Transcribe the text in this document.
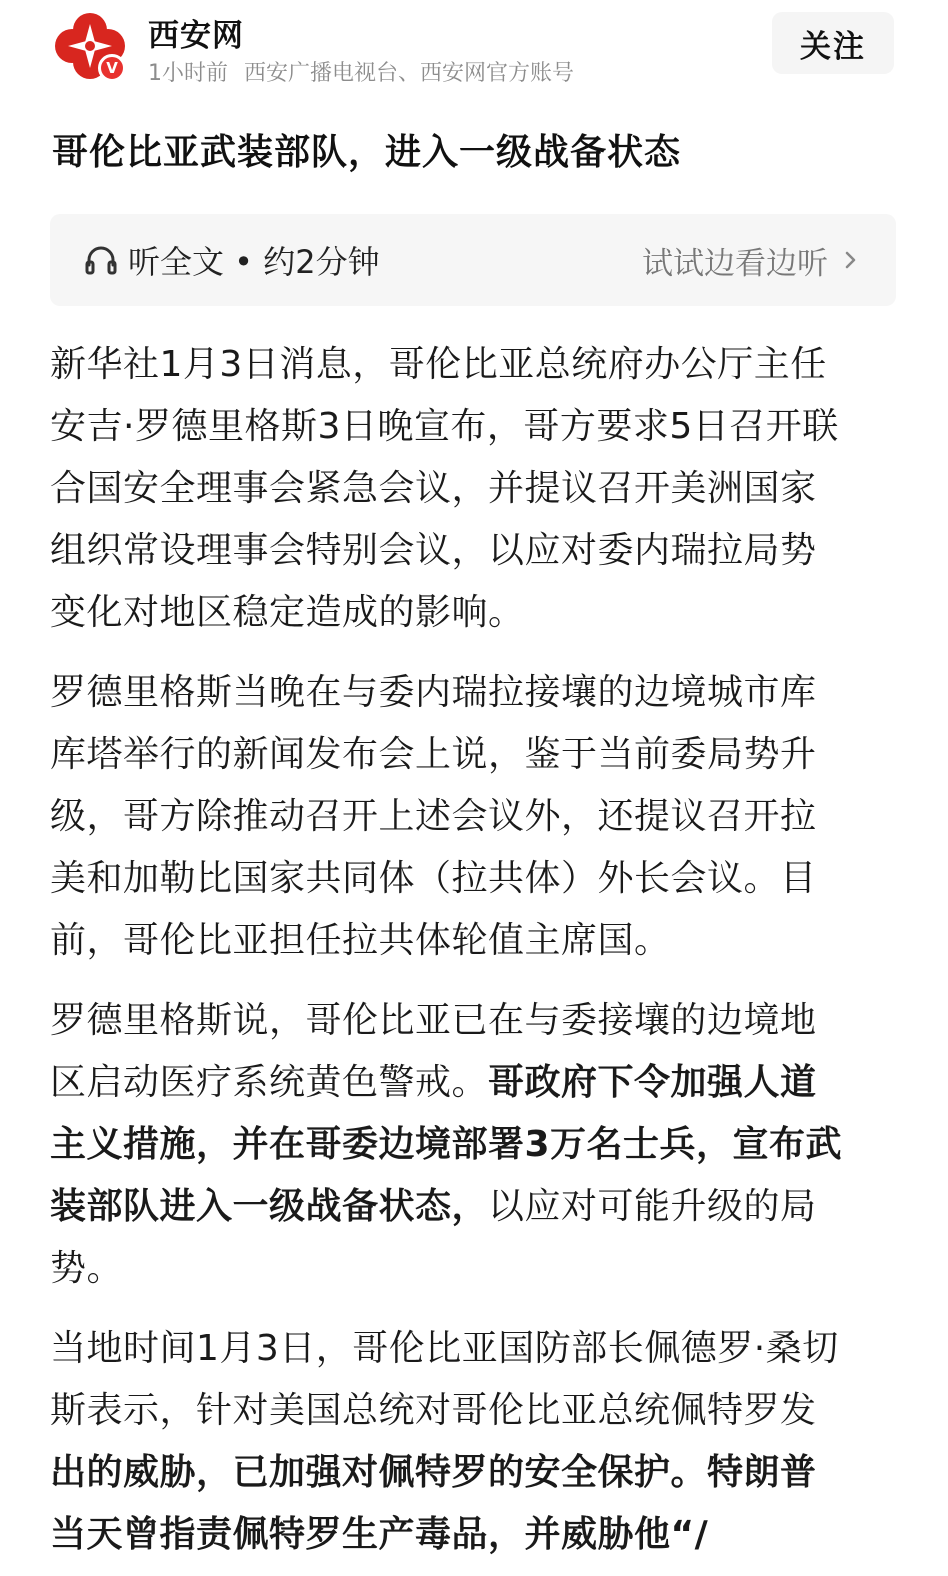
V
西安网
1小时前 西安广播电视台、西安网官方账号
关注
哥伦比亚武装部队，进入一级战备状态
听全文 • 约2分钟	试试边看边听

新华社1月3日消息，哥伦比亚总统府办公厅主任
安吉·罗德里格斯3日晚宣布，哥方要求5日召开联
合国安全理事会紧急会议，并提议召开美洲国家
组织常设理事会特别会议，以应对委内瑞拉局势
变化对地区稳定造成的影响。

罗德里格斯当晚在与委内瑞拉接壤的边境城市库
库塔举行的新闻发布会上说，鉴于当前委局势升
级，哥方除推动召开上述会议外，还提议召开拉
美和加勒比国家共同体（拉共体）外长会议。目
前，哥伦比亚担任拉共体轮值主席国。

罗德里格斯说，哥伦比亚已在与委接壤的边境地
区启动医疗系统黄色警戒。哥政府下令加强人道
主义措施，并在哥委边境部署3万名士兵，宣布武
装部队进入一级战备状态，以应对可能升级的局
势。

当地时间1月3日，哥伦比亚国防部长佩德罗·桑切
斯表示，针对美国总统对哥伦比亚总统佩特罗发
出的威胁，已加强对佩特罗的安全保护。特朗普
当天曾指责佩特罗生产毒品，并威胁他“/
